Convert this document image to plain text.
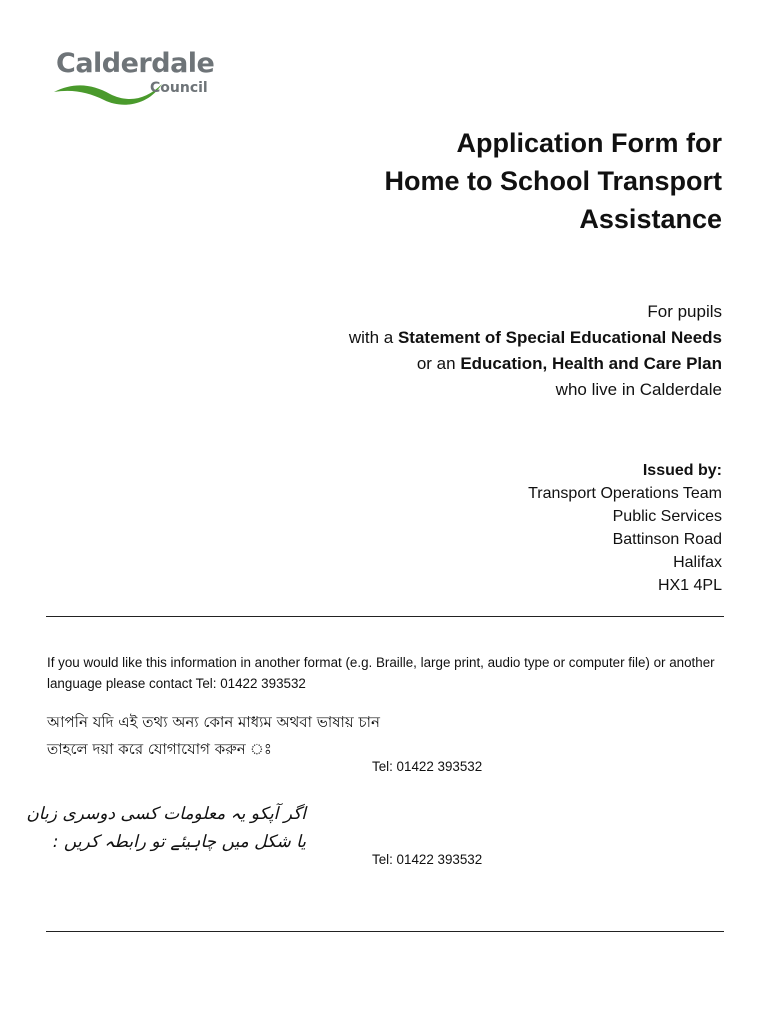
Calderdale
Council
Application Form for
Home to School Transport
Assistance
For pupils
with a Statement of Special Educational Needs
or an Education, Health and Care Plan
who live in Calderdale
Issued by:
Transport Operations Team
Public Services
Battinson Road
Halifax
HX1 4PL
If you would like this information in another format (e.g. Braille, large print, audio type or computer file) or another language please contact Tel: 01422 393532
আপনি যদি এই তথ্য অন্য কোন মাধ্যম অথবা ভাষায় চান
তাহলে দয়া করে যোগাযোগ করুন ঃ
Tel: 01422 393532
اگر آپکو یہ معلومات کسی دوسری زبان
یا شکل میں چاہیئے تو رابطہ کریں :
Tel: 01422 393532
